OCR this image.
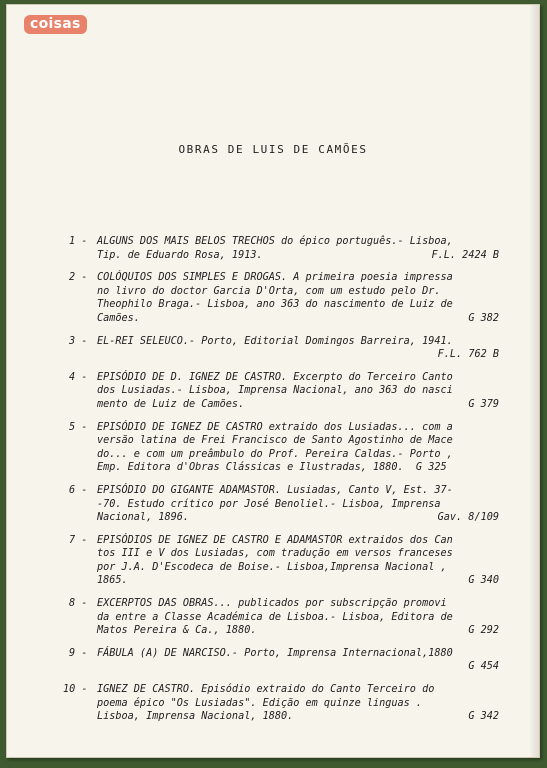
coisas
OBRAS DE LUIS DE CAMÕES
1 - ALGUNS DOS MAIS BELOS TRECHOS do épico português.- Lisboa,
Tip. de Eduardo Rosa, 1913.	F.L. 2424 B
2 - COLÓQUIOS DOS SIMPLES E DROGAS. A primeira poesia impressa
no livro do doctor Garcia D'Orta, com um estudo pelo Dr.
Theophilo Braga.- Lisboa, ano 363 do nascimento de Luiz de
Camões.	G 382
3 - EL-REI SELEUCO.- Porto, Editorial Domingos Barreira, 1941.
F.L. 762 B
4 - EPISÓDIO DE D. IGNEZ DE CASTRO. Excerpto do Terceiro Canto
dos Lusiadas.- Lisboa, Imprensa Nacional, ano 363 do nasci
mento de Luiz de Camões.	G 379
5 - EPISÓDIO DE IGNEZ DE CASTRO extraido dos Lusiadas... com a
versão latina de Frei Francisco de Santo Agostinho de Mace
do... e com um preâmbulo do Prof. Pereira Caldas.- Porto ,
Emp. Editora d'Obras Clássicas e Ilustradas, 1880.  G 325
6 - EPISÓDIO DO GIGANTE ADAMASTOR. Lusiadas, Canto V, Est. 37-
-70. Estudo crítico por José Benoliel.- Lisboa, Imprensa
Nacional, 1896.	Gav. 8/109
7 - EPISÓDIOS DE IGNEZ DE CASTRO E ADAMASTOR extraidos dos Can
tos III e V dos Lusiadas, com tradução em versos franceses
por J.A. D'Escodeca de Boise.- Lisboa,Imprensa Nacional ,
1865.	G 340
8 - EXCERPTOS DAS OBRAS... publicados por subscripção promovi
da entre a Classe Académica de Lisboa.- Lisboa, Editora de
Matos Pereira & Ca., 1880.	G 292
9 - FÁBULA (A) DE NARCISO.- Porto, Imprensa Internacional,1880
G 454
10 - IGNEZ DE CASTRO. Episódio extraido do Canto Terceiro do
poema épico "Os Lusiadas". Edição em quinze linguas .
Lisboa, Imprensa Nacional, 1880.	G 342
